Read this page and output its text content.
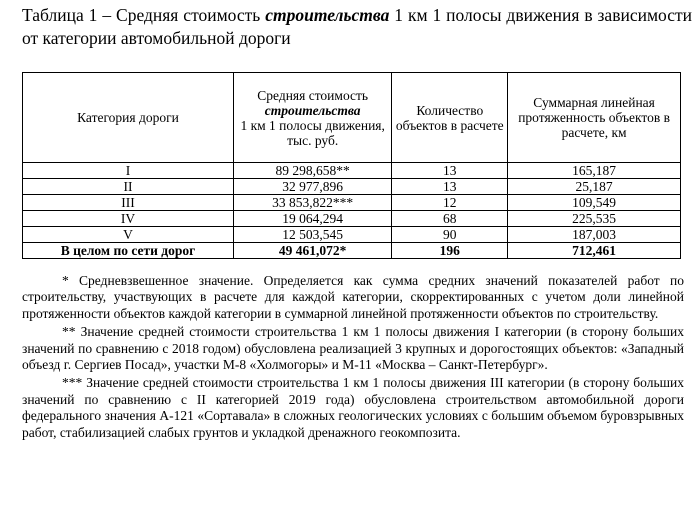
Таблица 1 – Средняя стоимость строительства 1 км 1 полосы движения в зависимости от категории автомобильной дороги
Категория дороги	Средняя стоимость
строительства
1 км 1 полосы движения,
тыс. руб.	Количество объектов в расчете	Суммарная линейная протяженность объектов в расчете, км
I	89 298,658**	13	165,187
II	32 977,896	13	25,187
III	33 853,822***	12	109,549
IV	19 064,294	68	225,535
V	12 503,545	90	187,003
В целом по сети дорог	49 461,072*	196	712,461

* Средневзвешенное значение. Определяется как сумма средних значений показателей работ по строительству, участвующих в расчете для каждой категории, скорректированных с учетом доли линейной протяженности объектов каждой категории в суммарной линейной протяженности объектов по строительству.

** Значение средней стоимости строительства 1 км 1 полосы движения I категории (в сторону больших значений по сравнению с 2018 годом) обусловлена реализацией 3 крупных и дорогостоящих объектов: «Западный объезд г. Сергиев Посад», участки М-8 «Холмогоры» и М-11 «Москва – Санкт-Петербург».

*** Значение средней стоимости строительства 1 км 1 полосы движения III категории (в сторону больших значений по сравнению с II категорией 2019 года) обусловлена строительством автомобильной дороги федерального значения А-121 «Сортавала» в сложных геологических условиях с большим объемом буровзрывных работ, стабилизацией слабых грунтов и укладкой дренажного геокомпозита.
